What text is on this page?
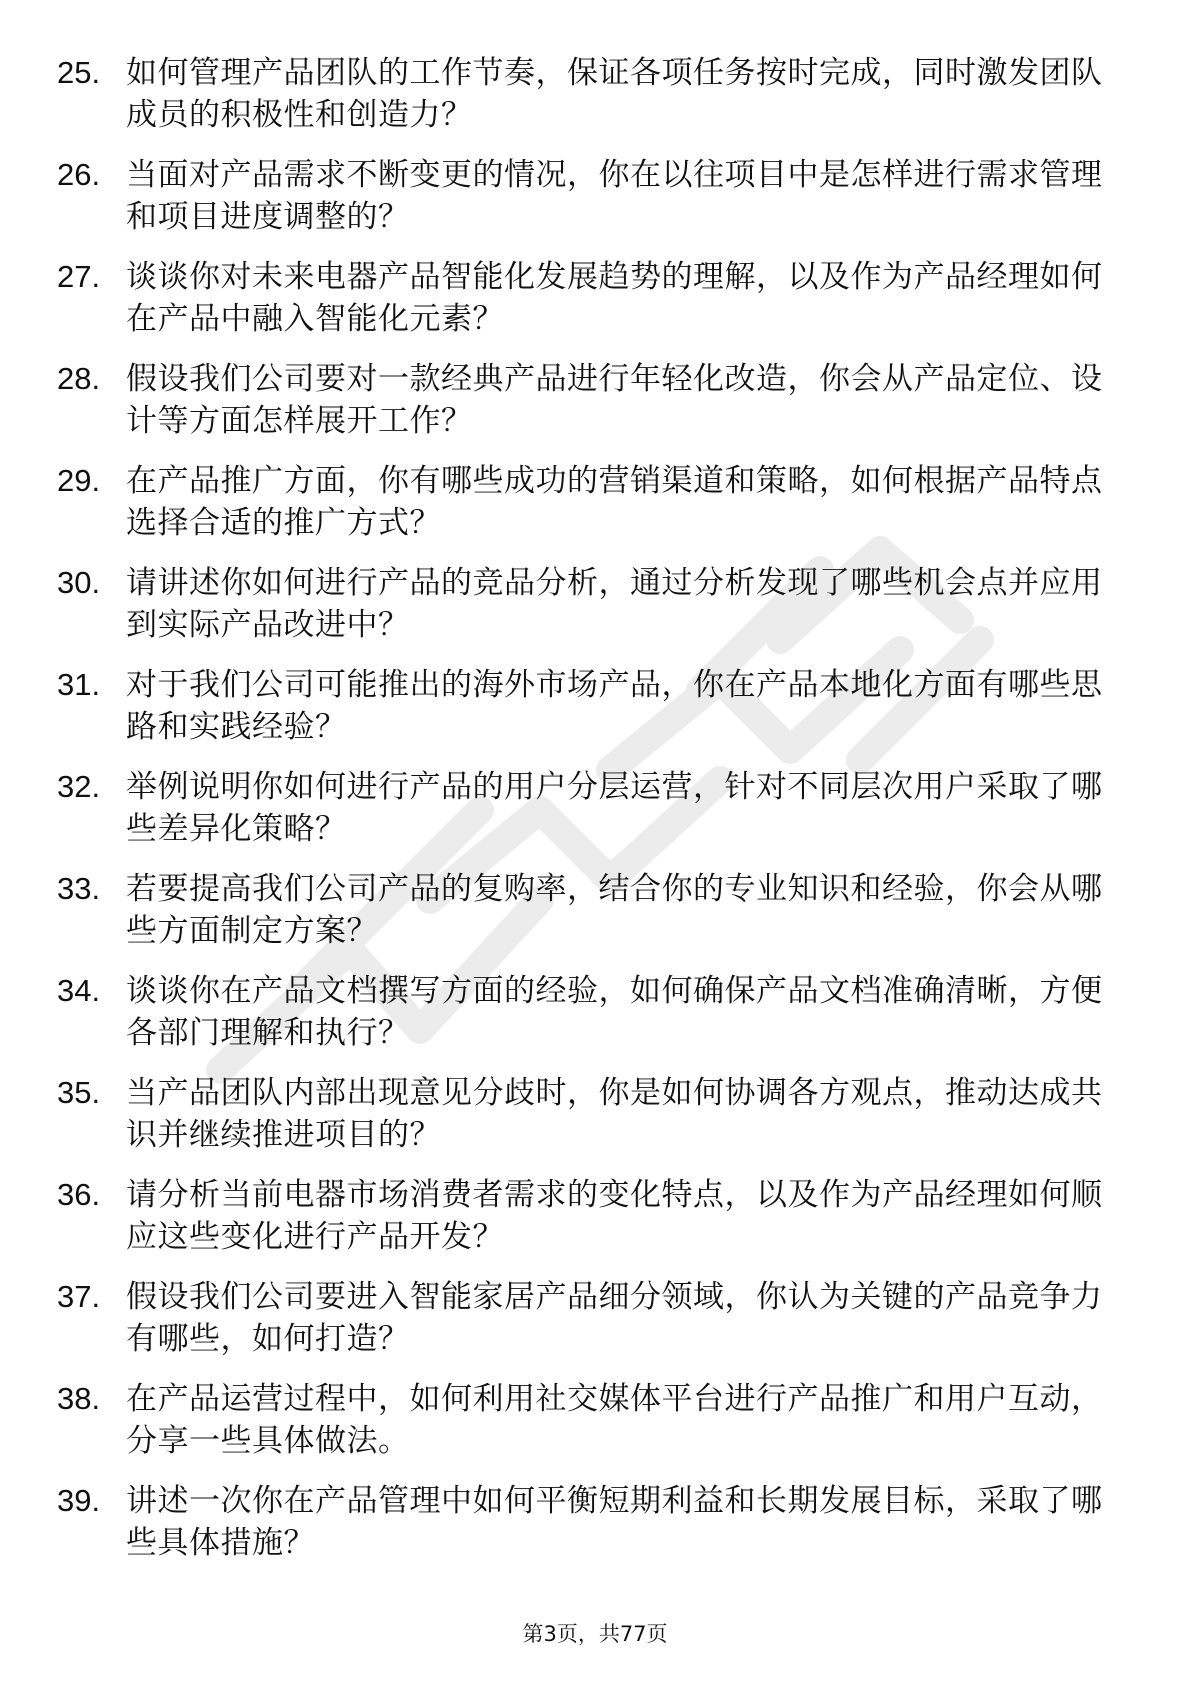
25. 如何管理产品团队的工作节奏，保证各项任务按时完成，同时激发团队成员的积极性和创造力？
26. 当面对产品需求不断变更的情况，你在以往项目中是怎样进行需求管理和项目进度调整的？
27. 谈谈你对未来电器产品智能化发展趋势的理解，以及作为产品经理如何在产品中融入智能化元素？
28. 假设我们公司要对一款经典产品进行年轻化改造，你会从产品定位、设计等方面怎样展开工作？
29. 在产品推广方面，你有哪些成功的营销渠道和策略，如何根据产品特点选择合适的推广方式？
30. 请讲述你如何进行产品的竞品分析，通过分析发现了哪些机会点并应用到实际产品改进中？
31. 对于我们公司可能推出的海外市场产品，你在产品本地化方面有哪些思路和实践经验？
32. 举例说明你如何进行产品的用户分层运营，针对不同层次用户采取了哪些差异化策略？
33. 若要提高我们公司产品的复购率，结合你的专业知识和经验，你会从哪些方面制定方案？
34. 谈谈你在产品文档撰写方面的经验，如何确保产品文档准确清晰，方便各部门理解和执行？
35. 当产品团队内部出现意见分歧时，你是如何协调各方观点，推动达成共识并继续推进项目的？
36. 请分析当前电器市场消费者需求的变化特点，以及作为产品经理如何顺应这些变化进行产品开发？
37. 假设我们公司要进入智能家居产品细分领域，你认为关键的产品竞争力有哪些，如何打造？
38. 在产品运营过程中，如何利用社交媒体平台进行产品推广和用户互动，分享一些具体做法。
39. 讲述一次你在产品管理中如何平衡短期利益和长期发展目标，采取了哪些具体措施？
第3页，共77页
